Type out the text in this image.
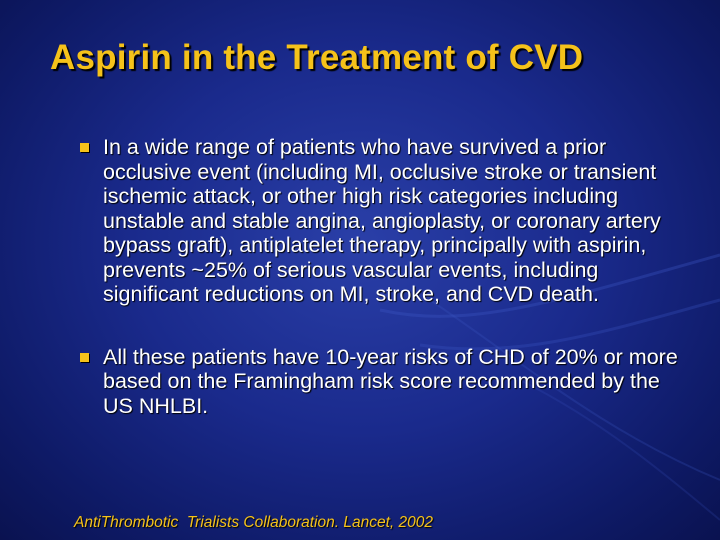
Aspirin in the Treatment of CVD
In a wide range of patients who have survived a prior occlusive event (including MI, occlusive stroke or transient ischemic attack, or other high risk categories including unstable and stable angina, angioplasty, or coronary artery bypass graft), antiplatelet therapy, principally with aspirin, prevents ~25% of serious vascular events, including significant reductions on MI, stroke, and CVD death.
All these patients have 10-year risks of CHD of 20% or more based on the Framingham risk score recommended by the US NHLBI.
AntiThrombotic  Trialists Collaboration. Lancet, 2002
